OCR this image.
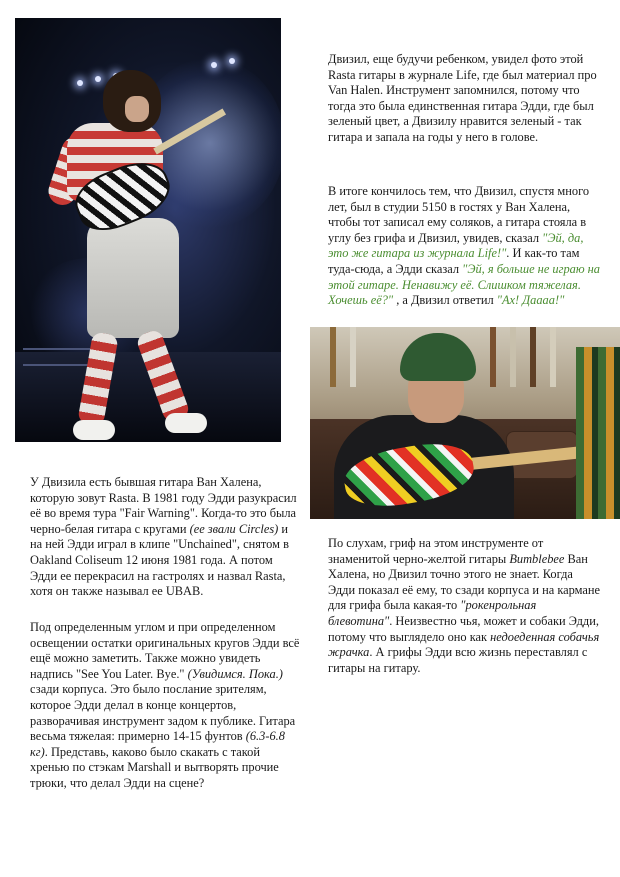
Двизил, еще будучи ребенком, увидел фото этой Rasta гитары в журнале Life, где был материал про Van Halen. Инструмент запомнился, потому что тогда это была единственная гитара Эдди, где был зеленый цвет, а Двизилу нравится зеленый - так гитара и запала на годы у него в голове.

В итоге кончилось тем, что Двизил, спустя много лет, был в студии 5150 в гостях у Ван Халена, чтобы тот записал ему соляков, а гитара стояла в углу без грифа и Двизил, увидев, сказал "Эй, да, это же гитара из журнала Life!". И как-то там туда-сюда, а Эдди сказал "Эй, я больше не играю на этой гитаре. Ненавижу её. Слишком тяжелая. Хочешь её?" , а Двизил ответил "Ах! Даааа!"

У Двизила есть бывшая гитара Ван Халена, которую зовут Rasta. В 1981 году Эдди разукрасил её во время тура "Fair Warning". Когда-то это была черно-белая гитара с кругами (ее звали Circles) и на ней Эдди играл в клипе "Unchained", снятом в Oakland Coliseum 12 июня 1981 года. А потом Эдди ее перекрасил на гастролях и назвал Rasta, хотя он также называл ее UBAB.

Под определенным углом и при определенном освещении остатки оригинальных кругов Эдди всё ещё можно заметить. Также можно увидеть надпись "See You Later. Bye." (Увидимся. Пока.) сзади корпуса. Это было послание зрителям, которое Эдди делал в конце концертов, разворачивая инструмент задом к публике. Гитара весьма тяжелая: примерно 14-15 фунтов (6.3-6.8 кг). Представь, каково было скакать с такой хренью по стэкам Marshall и вытворять прочие трюки, что делал Эдди на сцене?

По слухам, гриф на этом инструменте от знаменитой черно-желтой гитары Bumblebee Ван Халена, но Двизил точно этого не знает. Когда Эдди показал её ему, то сзади корпуса и на кармане для грифа была какая-то "рокенрольная блевотина". Неизвестно чья, может и собаки Эдди, потому что выглядело оно как недоеденная собачья жрачка. А грифы Эдди всю жизнь переставлял с гитары на гитару.
